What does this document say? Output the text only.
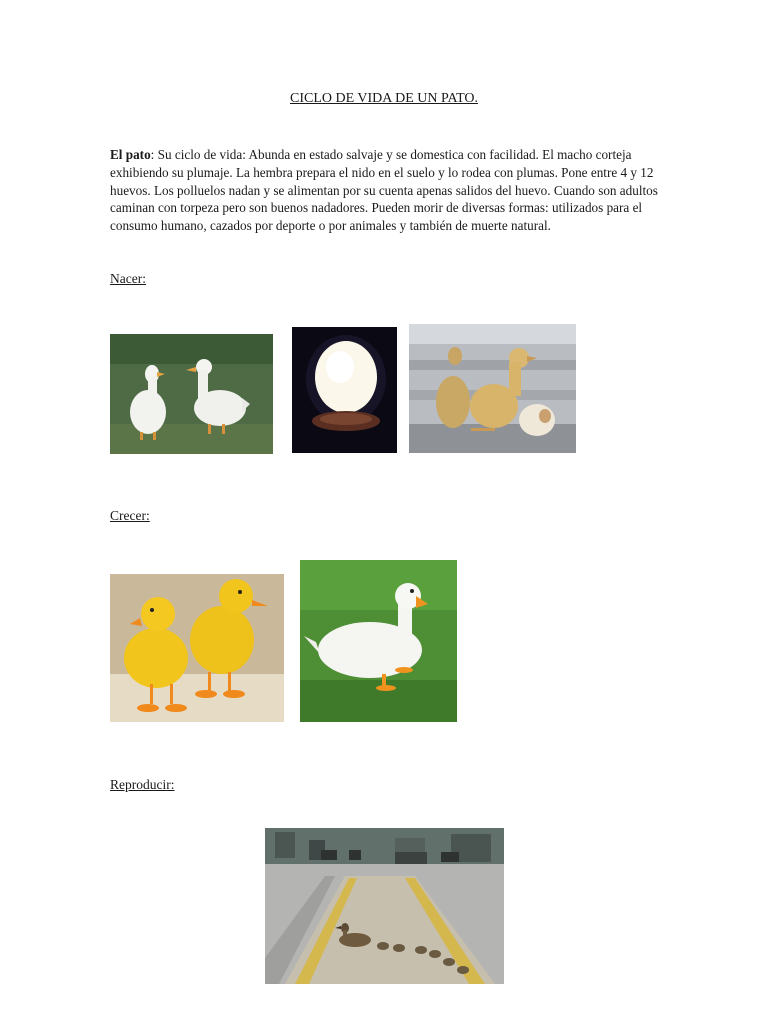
CICLO DE VIDA DE UN PATO.
El pato: Su ciclo de vida: Abunda en estado salvaje y se domestica con facilidad. El macho corteja exhibiendo su plumaje. La hembra prepara el nido en el suelo y lo rodea con plumas. Pone entre 4 y 12 huevos. Los polluelos nadan y se alimentan por su cuenta apenas salidos del huevo. Cuando son adultos caminan con torpeza pero son buenos nadadores. Pueden morir de diversas formas: utilizados para el consumo humano, cazados por deporte o por animales y también de muerte natural.
Nacer:
Crecer:
Reproducir:
